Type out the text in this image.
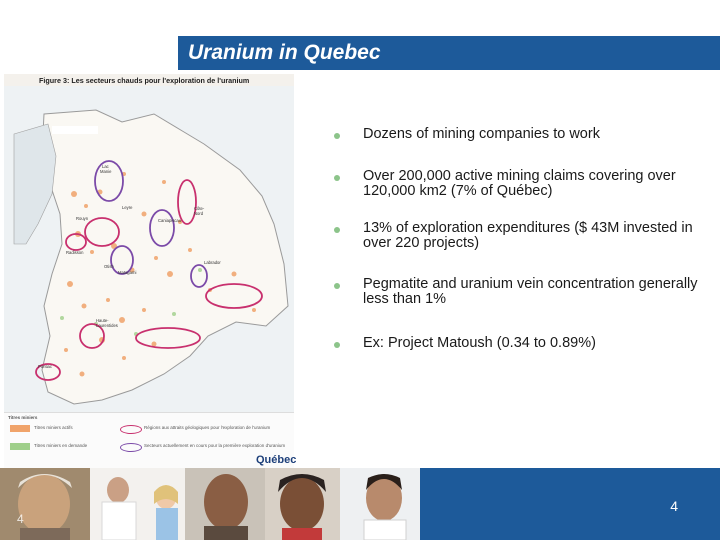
Uranium in Quebec
Figure 3: Les secteurs chauds pour l'exploration de l'uranium
Lac
Manie
Leyre	Côte-
Nord
Caniapiscau
Rouyn
Radisson
Otish
Matagami
Haute-
Laurentides
Pontiac
Labrador
Titres miniers
Titres miniers actifs
Titres miniers en demande
Régions aux attraits géologiques pour l'exploration de l'uranium
Secteurs actuellement en cours pour la première exploration d'uranium
Québec
Dozens of mining companies to work
Over 200,000 active mining claims covering over 120,000 km2 (7% of Québec)
13% of exploration expenditures ($ 43M invested in over 220 projects)
Pegmatite and uranium vein concentration generally less than 1%
Ex: Project Matoush (0.34 to 0.89%)
4
4
